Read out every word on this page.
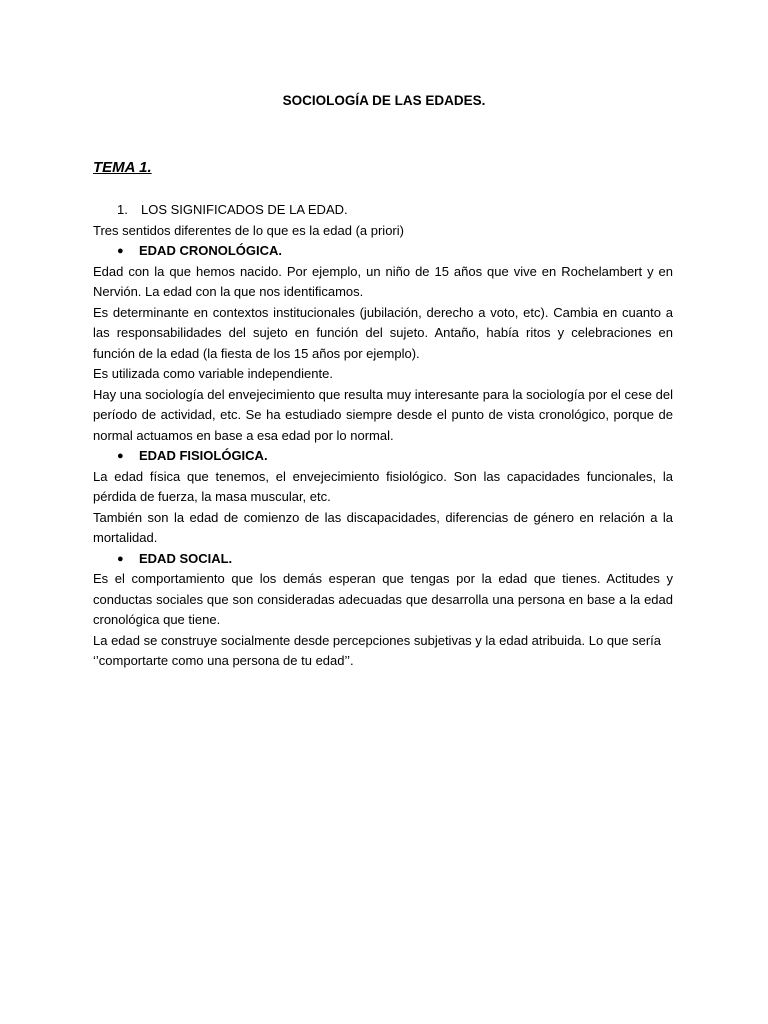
SOCIOLOGÍA DE LAS EDADES.
TEMA 1.
1.	LOS SIGNIFICADOS DE LA EDAD.

Tres sentidos diferentes de lo que es la edad (a priori)

●	EDAD CRONOLÓGICA.

Edad con la que hemos nacido. Por ejemplo, un niño de 15 años que vive en Rochelambert y en Nervión. La edad con la que nos identificamos.

Es determinante en contextos institucionales (jubilación, derecho a voto, etc). Cambia en cuanto a las responsabilidades del sujeto en función del sujeto. Antaño, había ritos y celebraciones en función de la edad (la fiesta de los 15 años por ejemplo).

Es utilizada como variable independiente.

Hay una sociología del envejecimiento que resulta muy interesante para la sociología por el cese del período de actividad, etc. Se ha estudiado siempre desde el punto de vista cronológico, porque de normal actuamos en base a esa edad por lo normal.

●	EDAD FISIOLÓGICA.

La edad física que tenemos, el envejecimiento fisiológico. Son las capacidades funcionales, la pérdida de fuerza, la masa muscular, etc.

También son la edad de comienzo de las discapacidades, diferencias de género en relación a la mortalidad.

●	EDAD SOCIAL.

Es el comportamiento que los demás esperan que tengas por la edad que tienes. Actitudes y conductas sociales que son consideradas adecuadas que desarrolla una persona en base a la edad cronológica que tiene.

La edad se construye socialmente desde percepciones subjetivas y la edad atribuida. Lo que sería ‘’comportarte como una persona de tu edad’’.
